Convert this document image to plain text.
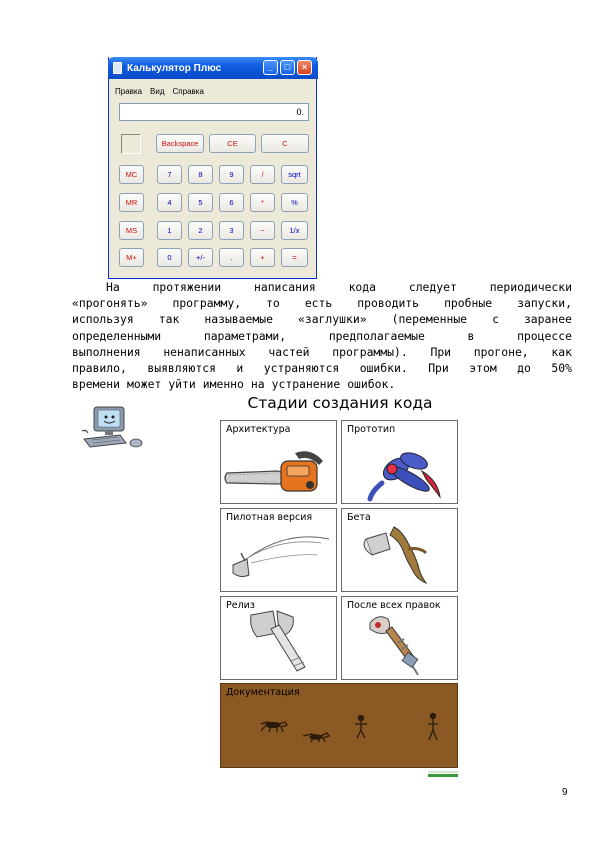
Калькулятор Плюс	_	□	×
Правка Вид Справка
0.
Backspace	CE	C
MC	7	8	9	/	sqrt
MR	4	5	6	*	%
MS	1	2	3	−	1/x
M+	0	+/-	.	+	=
На	протяжении	написания	кода	следует	периодически
«прогонять» программу, то есть проводить пробные запуски,
используя так называемые «заглушки» (переменные с заранее
определенными	параметрами,	предполагаемые	в	процессе
выполнения ненаписанных частей программы). При прогоне, как
правило, выявляются и устраняются ошибки. При этом до 50%
времени может уйти именно на устранение ошибок.
Стадии создания кода
Архитектура	Прототип
Пилотная версия	Бета
Релиз	После всех правок
Документация
9
